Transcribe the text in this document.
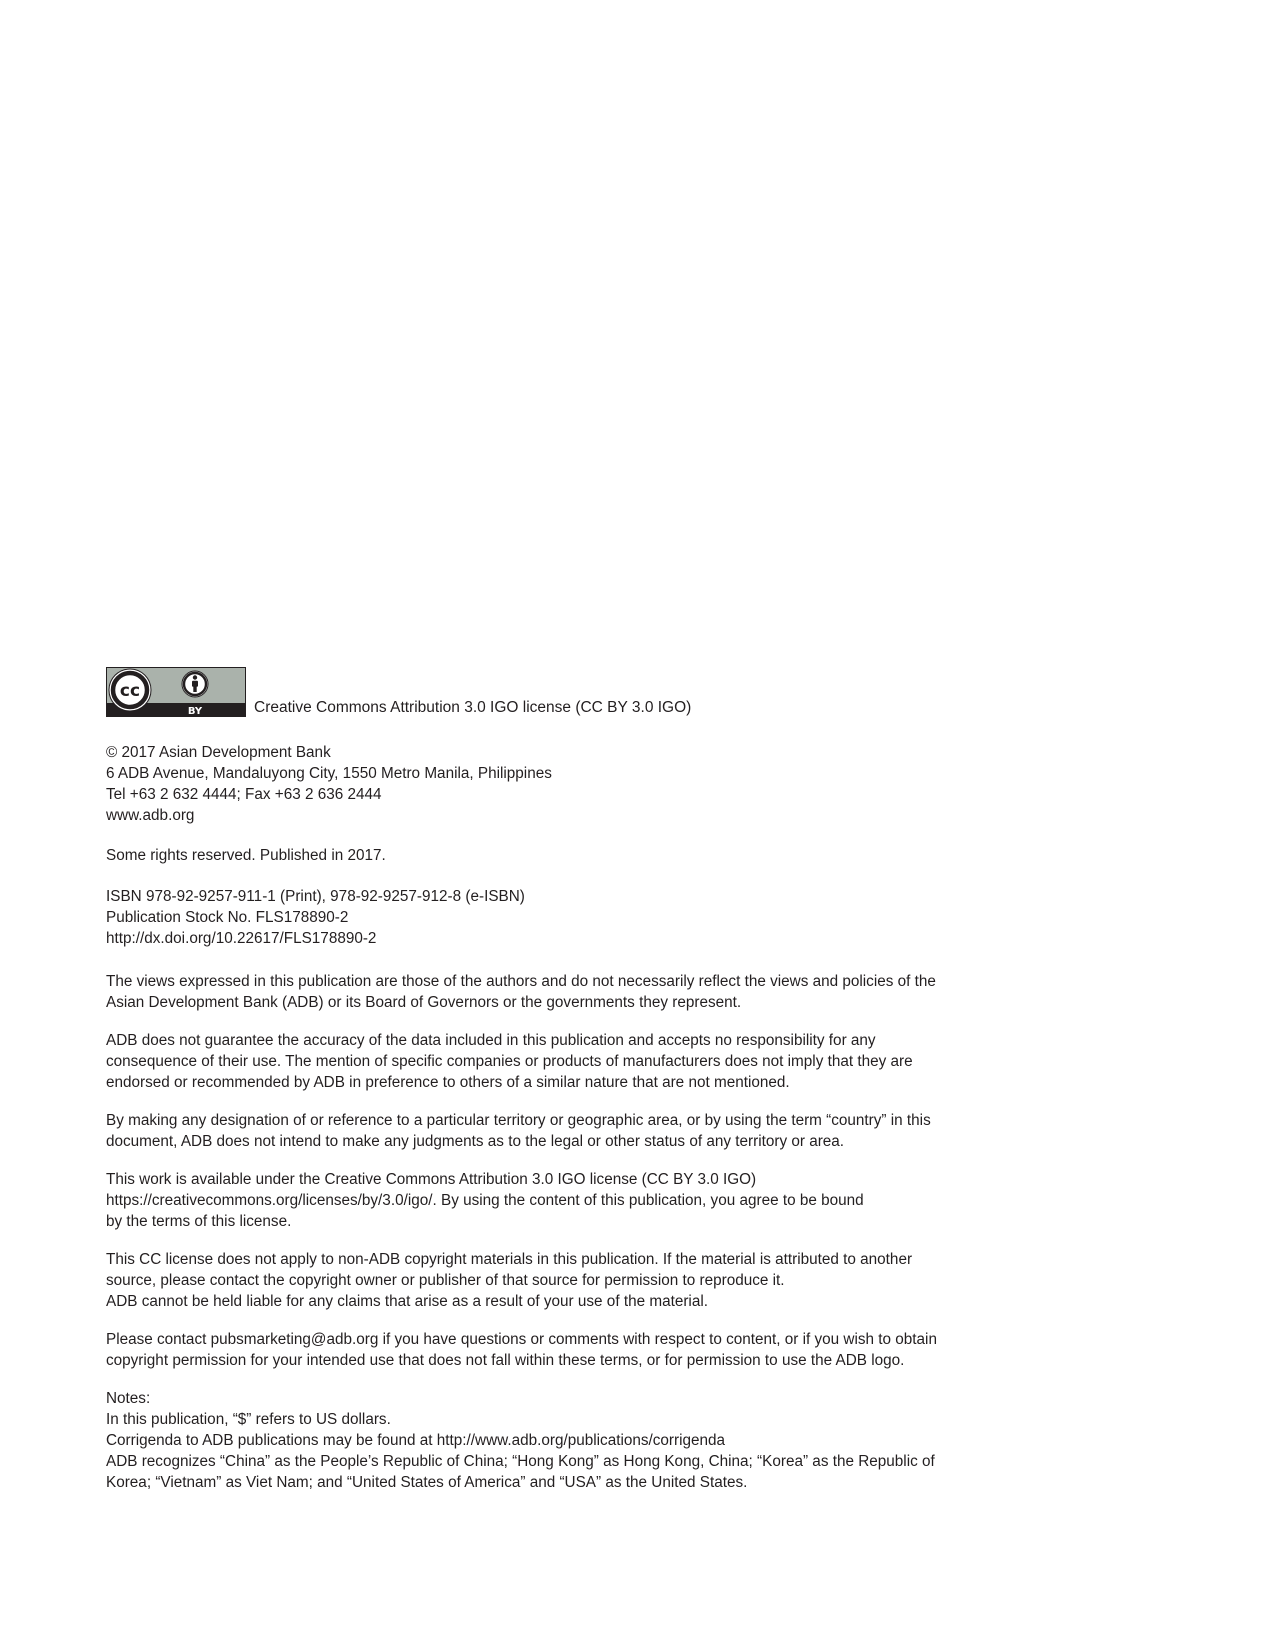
cc
BY	Creative Commons Attribution 3.0 IGO license (CC BY 3.0 IGO)
© 2017 Asian Development Bank
6 ADB Avenue, Mandaluyong City, 1550 Metro Manila, Philippines
Tel +63 2 632 4444; Fax +63 2 636 2444
www.adb.org
Some rights reserved. Published in 2017.
ISBN 978-92-9257-911-1 (Print), 978-92-9257-912-8 (e-ISBN)
Publication Stock No. FLS178890-2
http://dx.doi.org/10.22617/FLS178890-2
The views expressed in this publication are those of the authors and do not necessarily reflect the views and policies of the
Asian Development Bank (ADB) or its Board of Governors or the governments they represent.
ADB does not guarantee the accuracy of the data included in this publication and accepts no responsibility for any
consequence of their use. The mention of specific companies or products of manufacturers does not imply that they are
endorsed or recommended by ADB in preference to others of a similar nature that are not mentioned.
By making any designation of or reference to a particular territory or geographic area, or by using the term “country” in this
document, ADB does not intend to make any judgments as to the legal or other status of any territory or area.
This work is available under the Creative Commons Attribution 3.0 IGO license (CC BY 3.0 IGO)
https://creativecommons.org/licenses/by/3.0/igo/. By using the content of this publication, you agree to be bound
by the terms of this license.
This CC license does not apply to non-ADB copyright materials in this publication. If the material is attributed to another
source, please contact the copyright owner or publisher of that source for permission to reproduce it.
ADB cannot be held liable for any claims that arise as a result of your use of the material.
Please contact pubsmarketing@adb.org if you have questions or comments with respect to content, or if you wish to obtain
copyright permission for your intended use that does not fall within these terms, or for permission to use the ADB logo.
Notes:
In this publication, “$” refers to US dollars.
Corrigenda to ADB publications may be found at http://www.adb.org/publications/corrigenda
ADB recognizes “China” as the People’s Republic of China; “Hong Kong” as Hong Kong, China; “Korea” as the Republic of
Korea; “Vietnam” as Viet Nam; and “United States of America” and “USA” as the United States.
